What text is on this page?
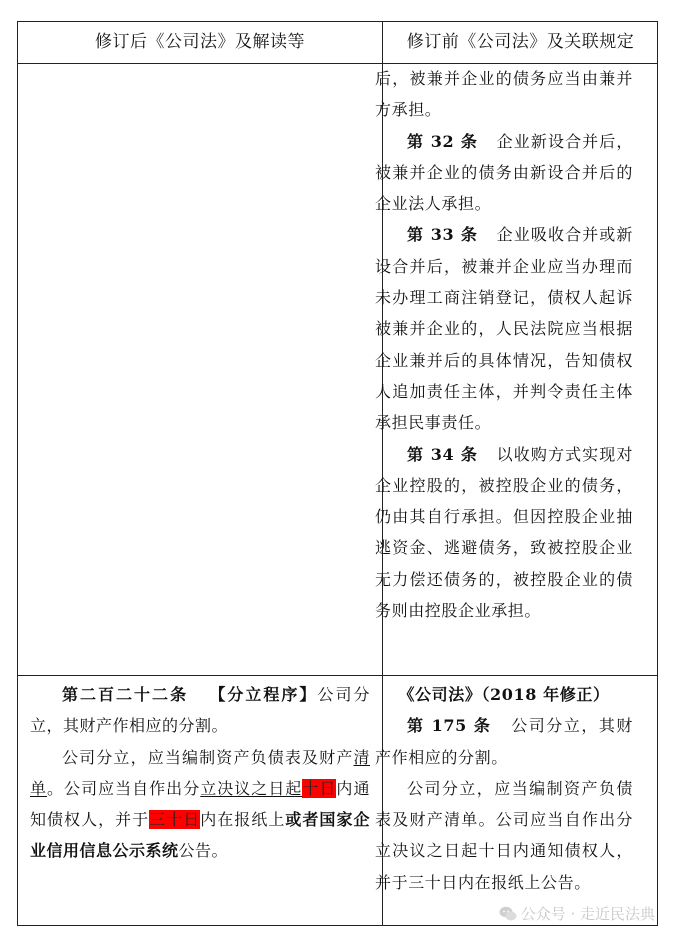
修订后《公司法》及解读等	修订前《公司法》及关联规定

后，被兼并企业的债务应当由兼并方承担。

第 32 条 企业新设合并后，被兼并企业的债务由新设合并后的企业法人承担。

第 33 条 企业吸收合并或新设合并后，被兼并企业应当办理而未办理工商注销登记，债权人起诉被兼并企业的，人民法院应当根据企业兼并后的具体情况，告知债权人追加责任主体，并判令责任主体承担民事责任。

第 34 条 以收购方式实现对企业控股的，被控股企业的债务，仍由其自行承担。但因控股企业抽逃资金、逃避债务，致被控股企业无力偿还债务的，被控股企业的债务则由控股企业承担。

第二百二十二条 【分立程序】公司分立，其财产作相应的分割。

公司分立，应当编制资产负债表及财产清单。公司应当自作出分立决议之日起十日内通知债权人，并于三十日内在报纸上或者国家企业信用信息公示系统公告。

《公司法》（2018 年修正）

第 175 条 公司分立，其财产作相应的分割。

公司分立，应当编制资产负债表及财产清单。公司应当自作出分立决议之日起十日内通知债权人，并于三十日内在报纸上公告。

公众号 · 走近民法典
